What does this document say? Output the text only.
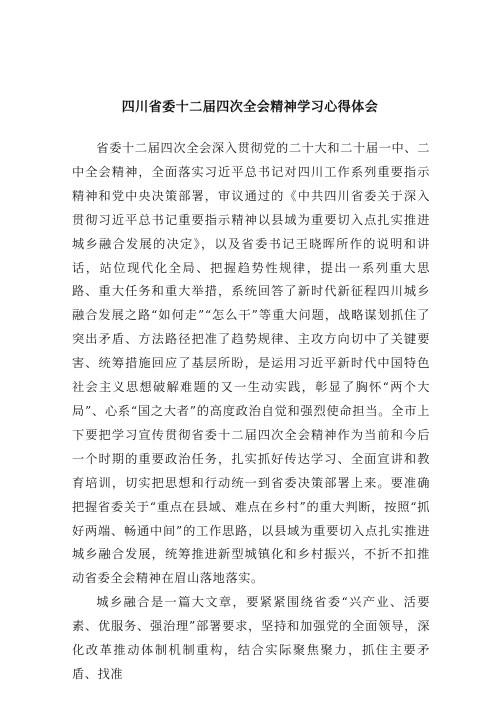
四川省委十二届四次全会精神学习心得体会

省委十二届四次全会深入贯彻党的二十大和二十届一中、二中全会精神，全面落实习近平总书记对四川工作系列重要指示精神和党中央决策部署，审议通过的《中共四川省委关于深入贯彻习近平总书记重要指示精神以县域为重要切入点扎实推进城乡融合发展的决定》，以及省委书记王晓晖所作的说明和讲话，站位现代化全局、把握趋势性规律，提出一系列重大思路、重大任务和重大举措，系统回答了新时代新征程四川城乡融合发展之路“如何走”“怎么干”等重大问题，战略谋划抓住了突出矛盾、方法路径把准了趋势规律、主攻方向切中了关键要害、统筹措施回应了基层所盼，是运用习近平新时代中国特色社会主义思想破解难题的又一生动实践，彰显了胸怀“两个大局”、心系“国之大者”的高度政治自觉和强烈使命担当。全市上下要把学习宣传贯彻省委十二届四次全会精神作为当前和今后一个时期的重要政治任务，扎实抓好传达学习、全面宣讲和教育培训，切实把思想和行动统一到省委决策部署上来。要准确把握省委关于“重点在县域、难点在乡村”的重大判断，按照“抓好两端、畅通中间”的工作思路，以县域为重要切入点扎实推进城乡融合发展，统筹推进新型城镇化和乡村振兴，不折不扣推动省委全会精神在眉山落地落实。

城乡融合是一篇大文章，要紧紧围绕省委“兴产业、活要素、优服务、强治理”部署要求，坚持和加强党的全面领导，深化改革推动体制机制重构，结合实际聚焦聚力，抓住主要矛盾、找准
